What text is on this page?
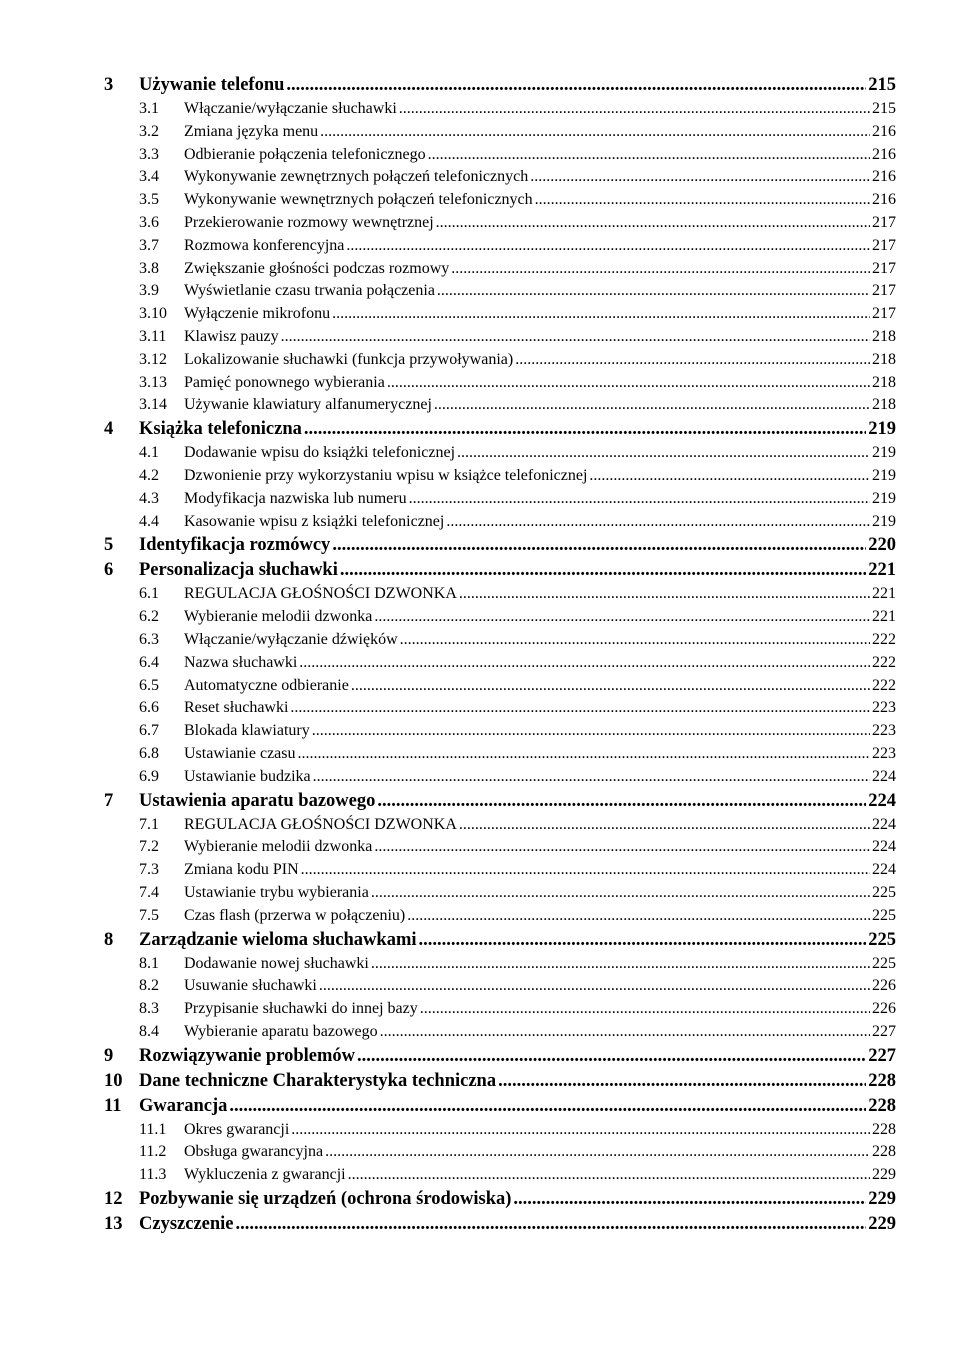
3	Używanie telefonu .....	215
3.1	Włączanie/wyłączanie słuchawki .....	215
3.2	Zmiana języka menu .....	216
3.3	Odbieranie połączenia telefonicznego .....	216
3.4	Wykonywanie zewnętrznych połączeń telefonicznych .....	216
3.5	Wykonywanie wewnętrznych połączeń telefonicznych .....	216
3.6	Przekierowanie rozmowy wewnętrznej .....	217
3.7	Rozmowa konferencyjna .....	217
3.8	Zwiększanie głośności podczas rozmowy .....	217
3.9	Wyświetlanie czasu trwania połączenia .....	217
3.10	Wyłączenie mikrofonu .....	217
3.11	Klawisz pauzy .....	218
3.12	Lokalizowanie słuchawki (funkcja przywoływania) .....	218
3.13	Pamięć ponownego wybierania .....	218
3.14	Używanie klawiatury alfanumerycznej .....	218
4	Książka telefoniczna .....	219
4.1	Dodawanie wpisu do książki telefonicznej .....	219
4.2	Dzwonienie przy wykorzystaniu wpisu w książce telefonicznej .....	219
4.3	Modyfikacja nazwiska lub numeru .....	219
4.4	Kasowanie wpisu z książki telefonicznej .....	219
5	Identyfikacja rozmówcy .....	220
6	Personalizacja słuchawki .....	221
6.1	REGULACJA GŁOŚNOŚCI DZWONKA .....	221
6.2	Wybieranie melodii dzwonka .....	221
6.3	Włączanie/wyłączanie dźwięków .....	222
6.4	Nazwa słuchawki .....	222
6.5	Automatyczne odbieranie .....	222
6.6	Reset słuchawki .....	223
6.7	Blokada klawiatury .....	223
6.8	Ustawianie czasu .....	223
6.9	Ustawianie budzika .....	224
7	Ustawienia aparatu bazowego .....	224
7.1	REGULACJA GŁOŚNOŚCI DZWONKA .....	224
7.2	Wybieranie melodii dzwonka .....	224
7.3	Zmiana kodu PIN .....	224
7.4	Ustawianie trybu wybierania .....	225
7.5	Czas flash (przerwa w połączeniu) .....	225
8	Zarządzanie wieloma słuchawkami .....	225
8.1	Dodawanie nowej słuchawki .....	225
8.2	Usuwanie słuchawki .....	226
8.3	Przypisanie słuchawki do innej bazy .....	226
8.4	Wybieranie aparatu bazowego .....	227
9	Rozwiązywanie problemów .....	227
10 Dane techniczne Charakterystyka techniczna .....	228
11 Gwarancja .....	228
11.1	Okres gwarancji .....	228
11.2	Obsługa gwarancyjna .....	228
11.3	Wykluczenia z gwarancji .....	229
12 Pozbywanie się urządzeń (ochrona środowiska) .....	229
13 Czyszczenie .....	229
